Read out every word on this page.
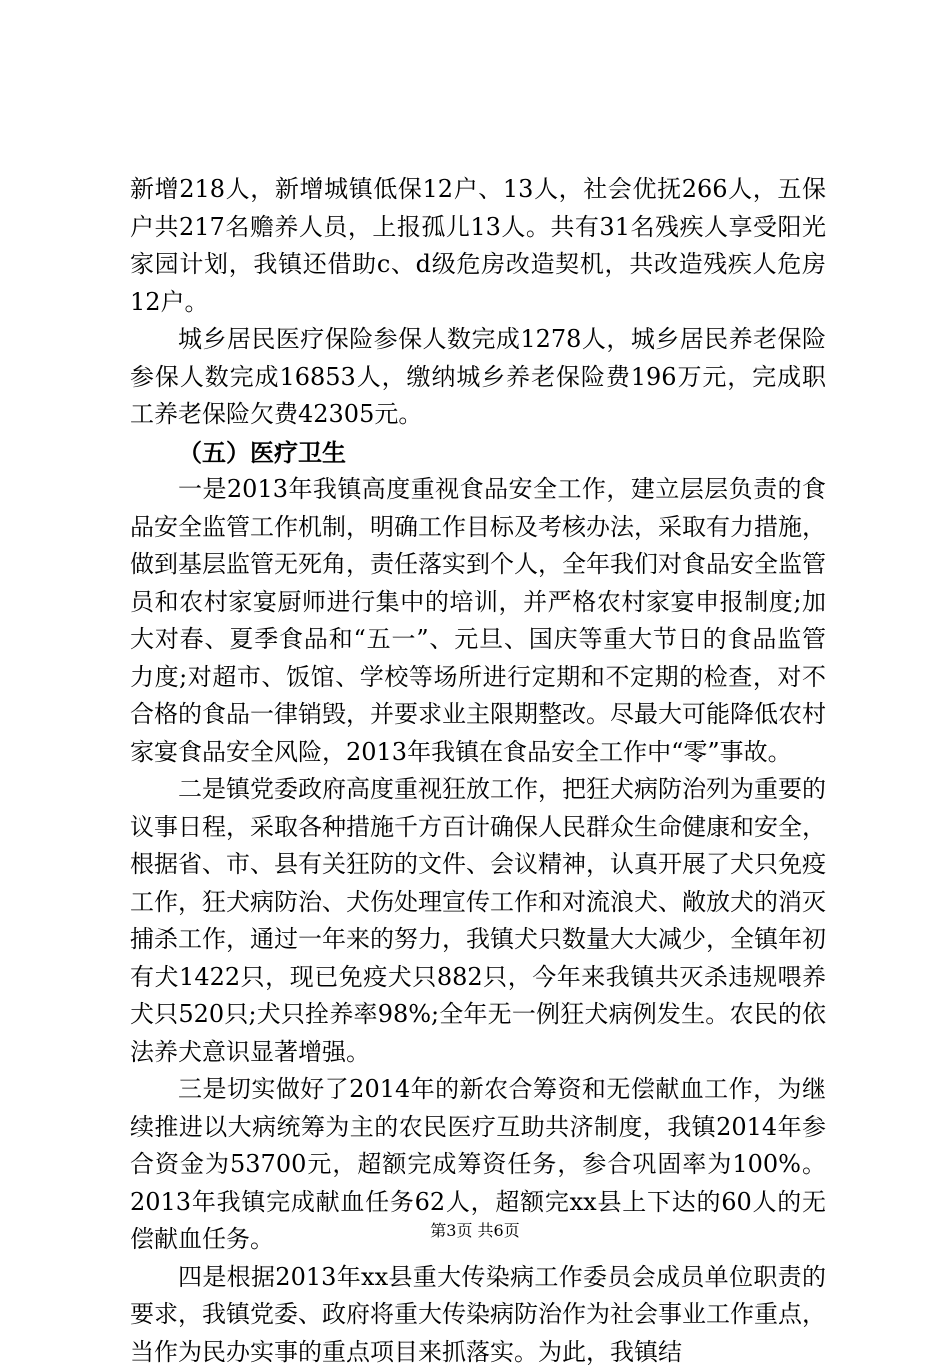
新增218人，新增城镇低保12户、13人，社会优抚266人，五保户共217名赡养人员，上报孤儿13人。共有31名残疾人享受阳光家园计划，我镇还借助c、d级危房改造契机，共改造残疾人危房12户。

城乡居民医疗保险参保人数完成1278人，城乡居民养老保险参保人数完成16853人，缴纳城乡养老保险费196万元，完成职工养老保险欠费42305元。

（五）医疗卫生

一是2013年我镇高度重视食品安全工作，建立层层负责的食品安全监管工作机制，明确工作目标及考核办法，采取有力措施，做到基层监管无死角，责任落实到个人，全年我们对食品安全监管员和农村家宴厨师进行集中的培训，并严格农村家宴申报制度;加大对春、夏季食品和“五一”、元旦、国庆等重大节日的食品监管力度;对超市、饭馆、学校等场所进行定期和不定期的检查，对不合格的食品一律销毁，并要求业主限期整改。尽最大可能降低农村家宴食品安全风险，2013年我镇在食品安全工作中“零”事故。

二是镇党委政府高度重视狂放工作，把狂犬病防治列为重要的议事日程，采取各种措施千方百计确保人民群众生命健康和安全，根据省、市、县有关狂防的文件、会议精神，认真开展了犬只免疫工作，狂犬病防治、犬伤处理宣传工作和对流浪犬、敞放犬的消灭捕杀工作，通过一年来的努力，我镇犬只数量大大减少，全镇年初有犬1422只，现已免疫犬只882只，今年来我镇共灭杀违规喂养犬只520只;犬只拴养率98%;全年无一例狂犬病例发生。农民的依法养犬意识显著增强。

三是切实做好了2014年的新农合筹资和无偿献血工作，为继续推进以大病统筹为主的农民医疗互助共济制度，我镇2014年参合资金为53700元，超额完成筹资任务，参合巩固率为100%。2013年我镇完成献血任务62人，超额完xx县上下达的60人的无偿献血任务。

四是根据2013年xx县重大传染病工作委员会成员单位职责的要求，我镇党委、政府将重大传染病防治作为社会事业工作重点，当作为民办实事的重点项目来抓落实。为此，我镇结

第3页 共6页
